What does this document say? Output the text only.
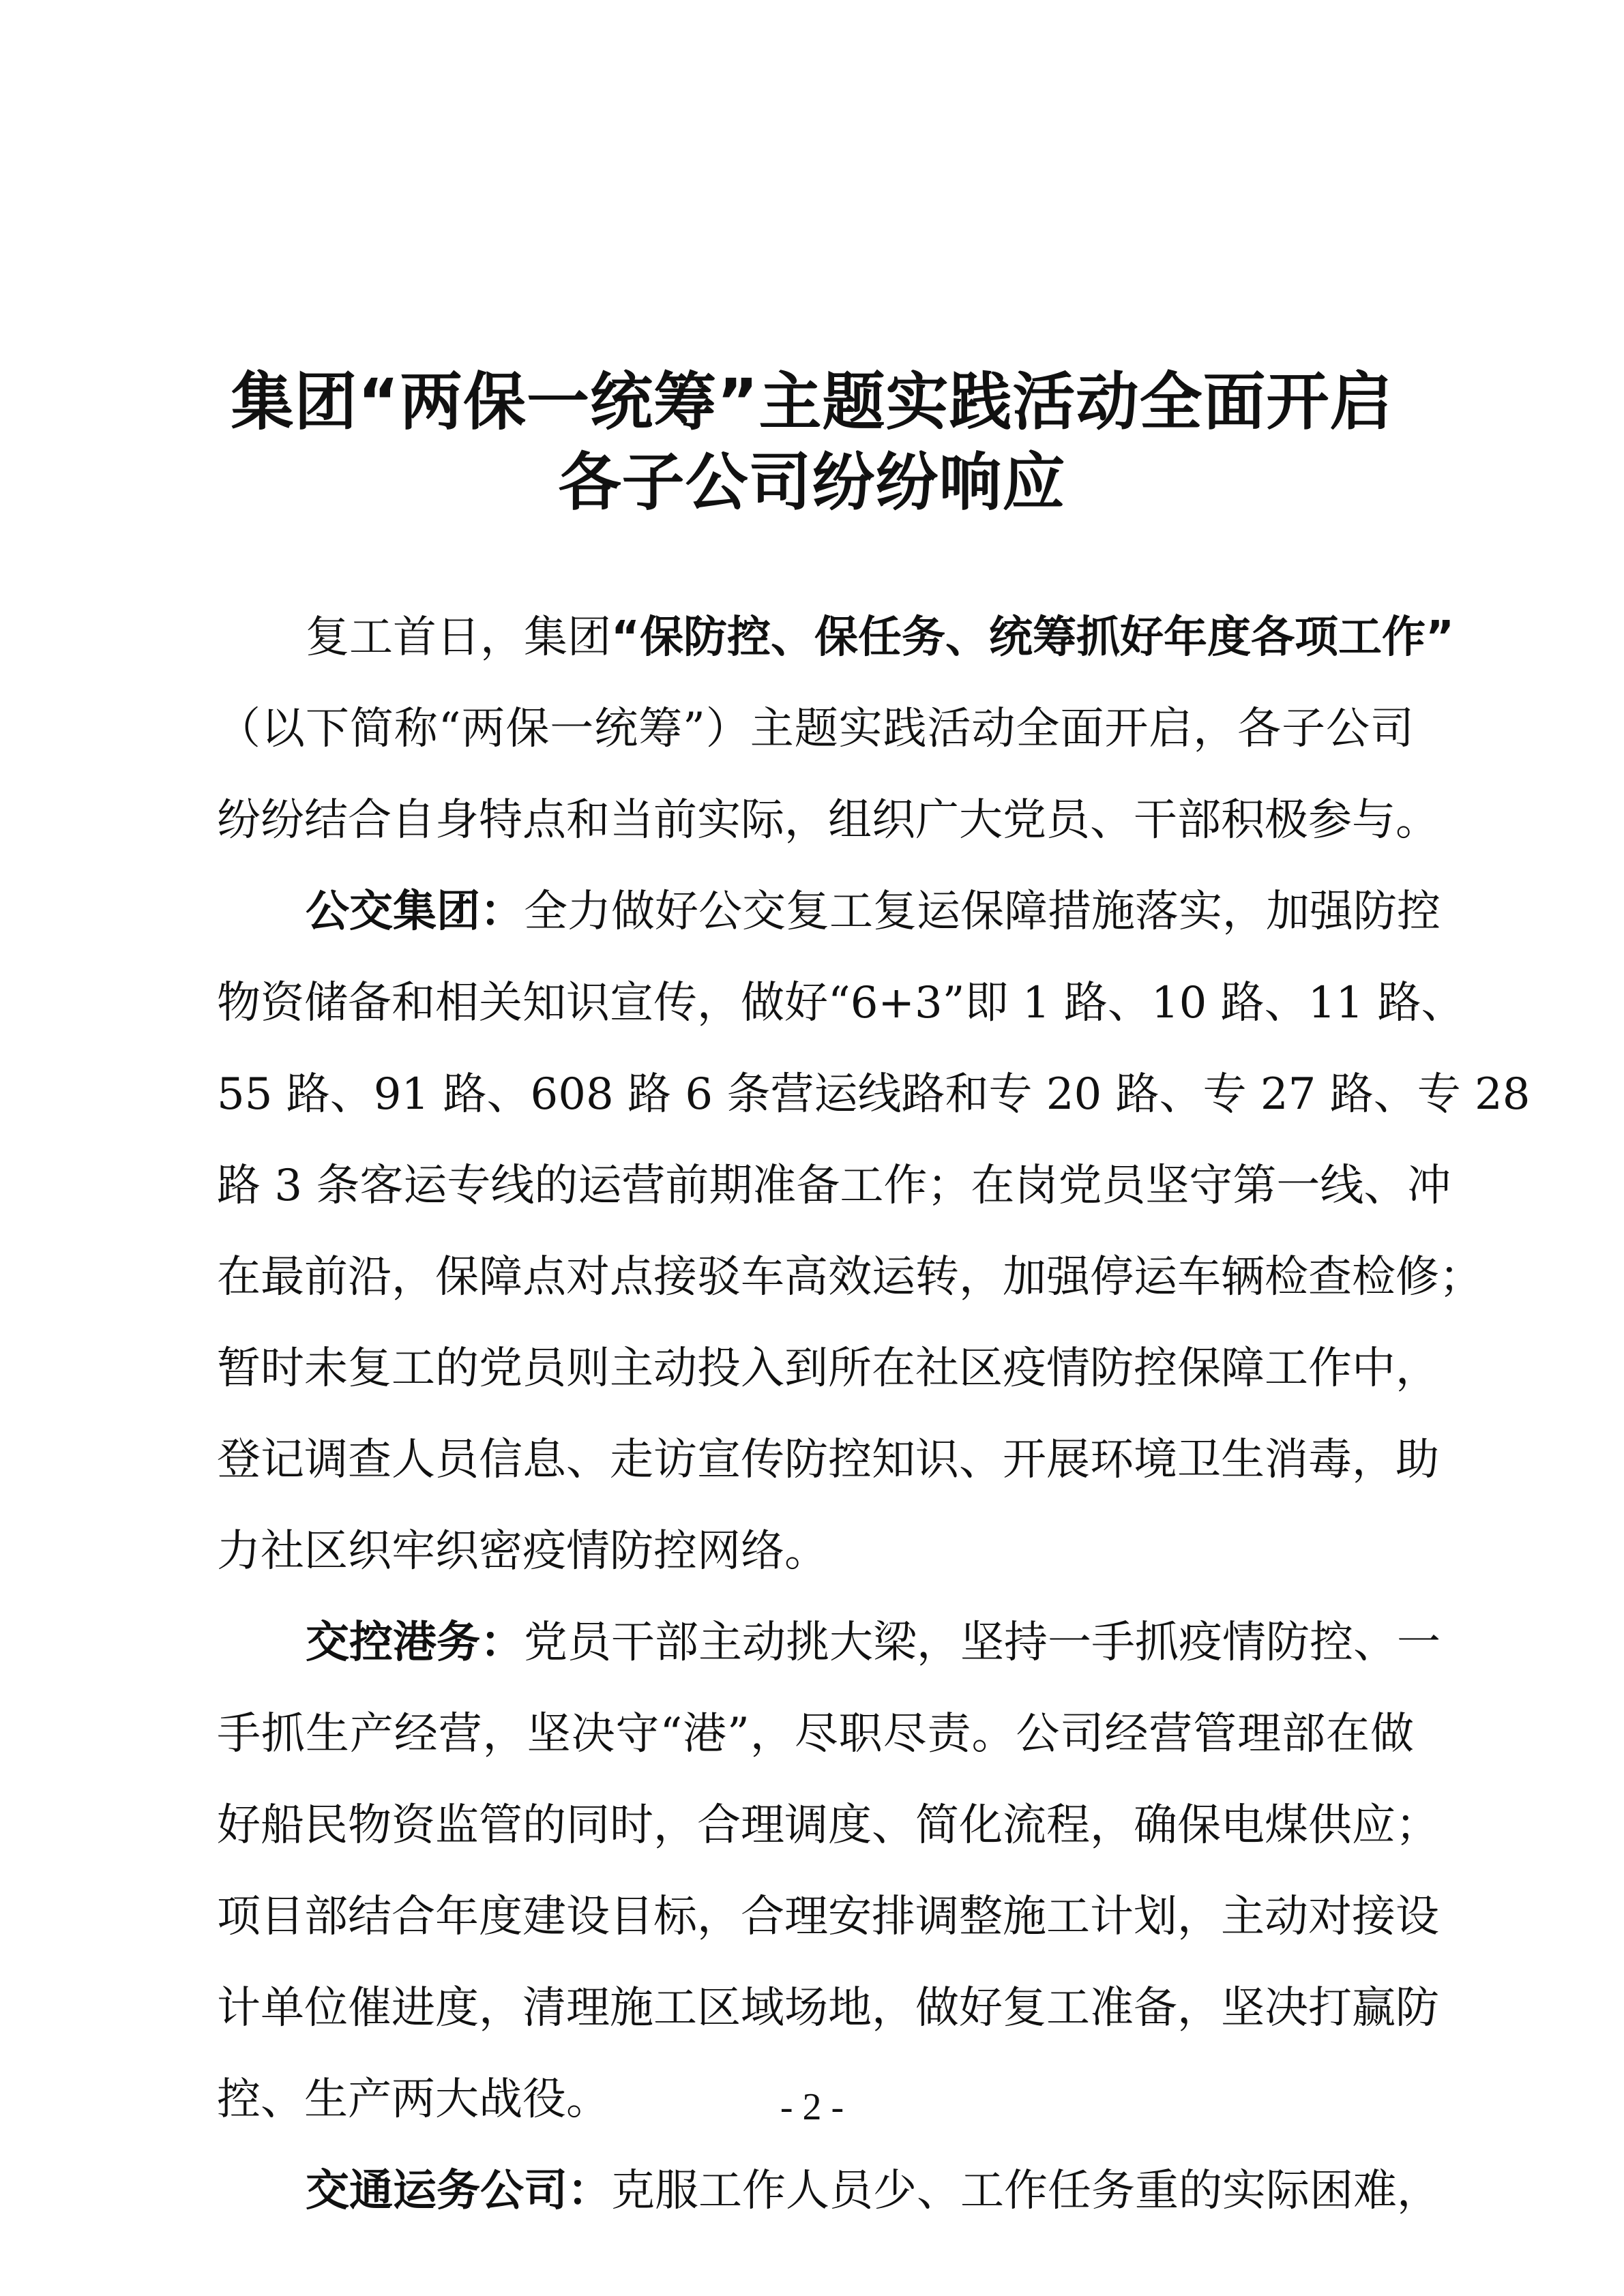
集团“两保一统筹”主题实践活动全面开启
各子公司纷纷响应
复工首日，集团“保防控、保任务、统筹抓好年度各项工作”
（以下简称“两保一统筹”）主题实践活动全面开启，各子公司
纷纷结合自身特点和当前实际，组织广大党员、干部积极参与。
公交集团：全力做好公交复工复运保障措施落实，加强防控
物资储备和相关知识宣传，做好“6+3”即 1 路、10 路、11 路、
55 路、91 路、608 路 6 条营运线路和专 20 路、专 27 路、专 28
路 3 条客运专线的运营前期准备工作；在岗党员坚守第一线、冲
在最前沿，保障点对点接驳车高效运转，加强停运车辆检查检修；
暂时未复工的党员则主动投入到所在社区疫情防控保障工作中，
登记调查人员信息、走访宣传防控知识、开展环境卫生消毒，助
力社区织牢织密疫情防控网络。
交控港务：党员干部主动挑大梁，坚持一手抓疫情防控、一
手抓生产经营，坚决守“港”，尽职尽责。公司经营管理部在做
好船民物资监管的同时，合理调度、简化流程，确保电煤供应；
项目部结合年度建设目标，合理安排调整施工计划，主动对接设
计单位催进度，清理施工区域场地，做好复工准备，坚决打赢防
控、生产两大战役。	- 2 -
交通运务公司：克服工作人员少、工作任务重的实际困难，
